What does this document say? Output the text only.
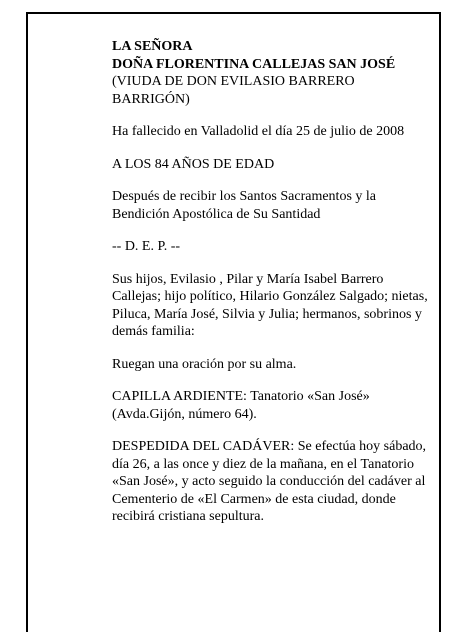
LA SEÑORA
DOÑA FLORENTINA CALLEJAS SAN JOSÉ
(VIUDA DE DON EVILASIO BARRERO BARRIGÓN)

Ha fallecido en Valladolid el día 25 de julio de 2008

A LOS 84 AÑOS DE EDAD

Después de recibir los Santos Sacramentos y la Bendición Apostólica de Su Santidad

-- D. E. P. --

Sus hijos, Evilasio , Pilar y María Isabel Barrero Callejas; hijo político, Hilario González Salgado; nietas, Piluca, María José, Silvia y Julia; hermanos, sobrinos y demás familia:

Ruegan una oración por su alma.

CAPILLA ARDIENTE: Tanatorio «San José» (Avda.Gijón, número 64).

DESPEDIDA DEL CADÁVER: Se efectúa hoy sábado, día 26, a las once y diez de la mañana, en el Tanatorio «San José», y acto seguido la conducción del cadáver al Cementerio de «El Carmen» de esta ciudad, donde recibirá cristiana sepultura.
